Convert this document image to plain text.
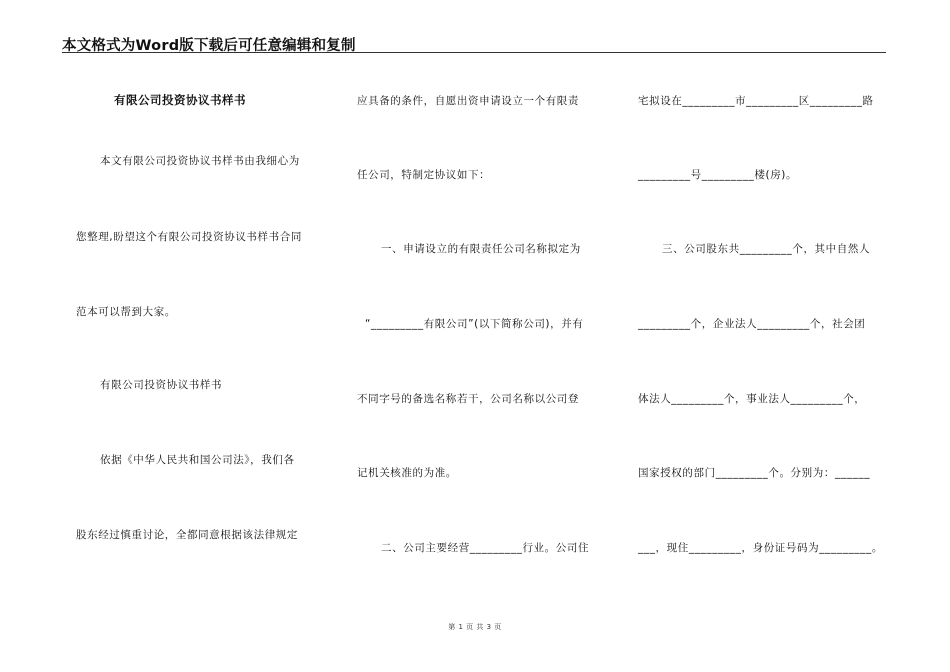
本文格式为Word版下载后可任意编辑和复制
有限公司投资协议书样书
本文有限公司投资协议书样书由我细心为
您整理,盼望这个有限公司投资协议书样书合同
范本可以帮到大家。
有限公司投资协议书样书
依据《中华人民共和国公司法》，我们各
股东经过慎重讨论，全都同意根据该法律规定
应具备的条件，自愿出资申请设立一个有限责
任公司，特制定协议如下：
一、申请设立的有限责任公司名称拟定为
“_________有限公司”(以下简称公司)，并有
不同字号的备选名称若干，公司名称以公司登
记机关核准的为准。
二、公司主要经营_________行业。公司住
宅拟设在_________市_________区_________路
_________号_________楼(房)。
三、公司股东共_________个，其中自然人
_________个，企业法人_________个，社会团
体法人_________个，事业法人_________个，
国家授权的部门_________个。分别为：______
___，现住_________，身份证号码为_________。
第 1 页 共 3 页
